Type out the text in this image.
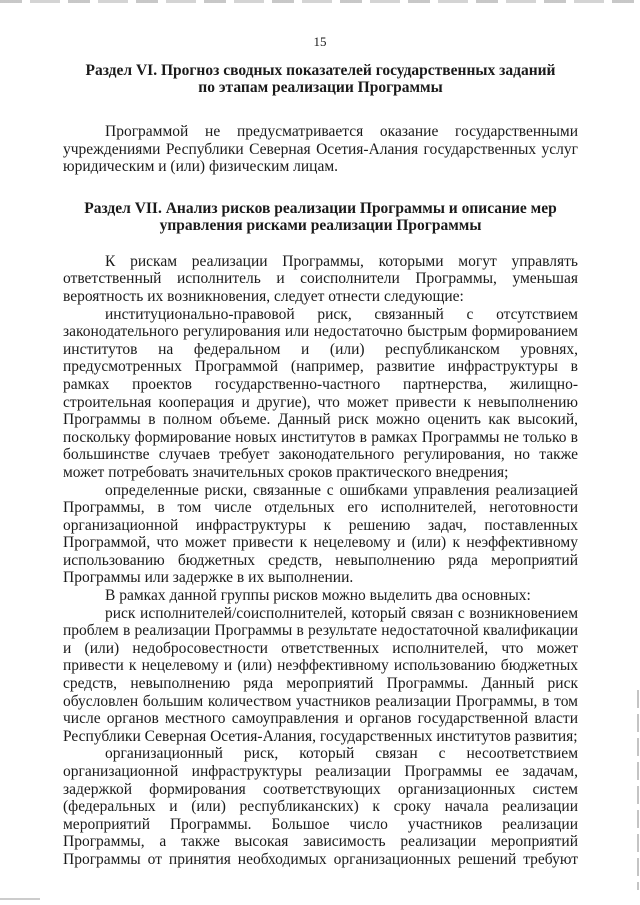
15
Раздел VI. Прогноз сводных показателей государственных заданий
по этапам реализации Программы
Программой не предусматривается оказание государственными
учреждениями Республики Северная Осетия-Алания государственных услуг
юридическим и (или) физическим лицам.
Раздел VII. Анализ рисков реализации Программы и описание мер
управления рисками реализации Программы
К рискам реализации Программы, которыми могут управлять
ответственный исполнитель и соисполнители Программы, уменьшая
вероятность их возникновения, следует отнести следующие:
институционально-правовой риск, связанный с отсутствием
законодательного регулирования или недостаточно быстрым формированием
институтов на федеральном и (или) республиканском уровнях,
предусмотренных Программой (например, развитие инфраструктуры в
рамках проектов государственно-частного партнерства, жилищно-
строительная кооперация и другие), что может привести к невыполнению
Программы в полном объеме. Данный риск можно оценить как высокий,
поскольку формирование новых институтов в рамках Программы не только в
большинстве случаев требует законодательного регулирования, но также
может потребовать значительных сроков практического внедрения;
определенные риски, связанные с ошибками управления реализацией
Программы, в том числе отдельных его исполнителей, неготовности
организационной инфраструктуры к решению задач, поставленных
Программой, что может привести к нецелевому и (или) к неэффективному
использованию бюджетных средств, невыполнению ряда мероприятий
Программы или задержке в их выполнении.
В рамках данной группы рисков можно выделить два основных:
риск исполнителей/соисполнителей, который связан с возникновением
проблем в реализации Программы в результате недостаточной квалификации
и (или) недобросовестности ответственных исполнителей, что может
привести к нецелевому и (или) неэффективному использованию бюджетных
средств, невыполнению ряда мероприятий Программы. Данный риск
обусловлен большим количеством участников реализации Программы, в том
числе органов местного самоуправления и органов государственной власти
Республики Северная Осетия-Алания, государственных институтов развития;
организационный риск, который связан с несоответствием
организационной инфраструктуры реализации Программы ее задачам,
задержкой формирования соответствующих организационных систем
(федеральных и (или) республиканских) к сроку начала реализации
мероприятий Программы. Большое число участников реализации
Программы, а также высокая зависимость реализации мероприятий
Программы от принятия необходимых организационных решений требуют
